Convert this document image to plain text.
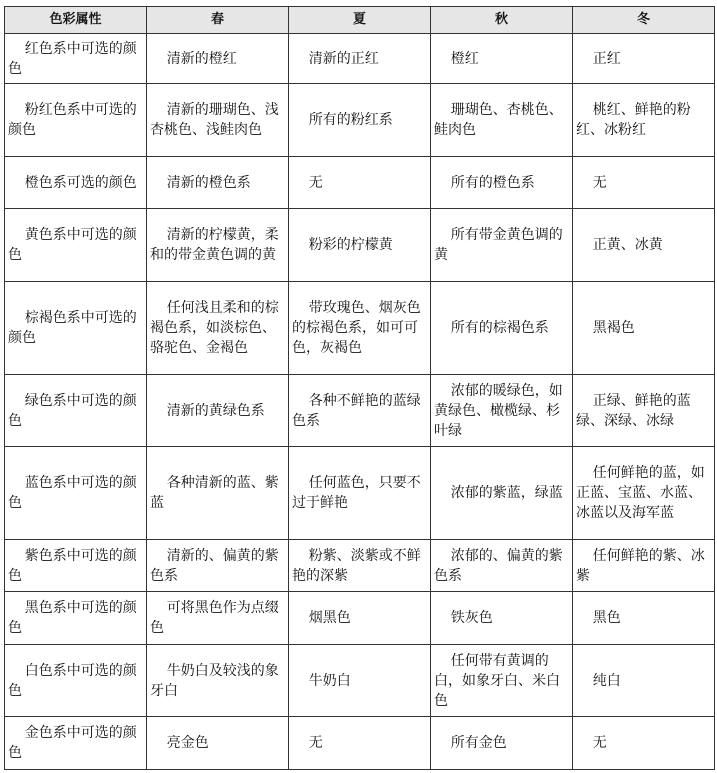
色彩属性	春	夏	秋	冬
红色系中可选的颜色	清新的橙红	清新的正红	橙红	正红
粉红色系中可选的颜色	清新的珊瑚色、浅杏桃色、浅鲑肉色	所有的粉红系	珊瑚色、杏桃色、鲑肉色	桃红、鲜艳的粉红、冰粉红
橙色系可选的颜色	清新的橙色系	无	所有的橙色系	无
黄色系中可选的颜色	清新的柠檬黄，柔和的带金黄色调的黄	粉彩的柠檬黄	所有带金黄色调的黄	正黄、冰黄
棕褐色系中可选的颜色	任何浅且柔和的棕褐色系，如淡棕色、骆驼色、金褐色	带玫瑰色、烟灰色的棕褐色系，如可可色，灰褐色	所有的棕褐色系	黑褐色
绿色系中可选的颜色	清新的黄绿色系	各种不鲜艳的蓝绿色系	浓郁的暖绿色，如黄绿色、橄榄绿、杉叶绿	正绿、鲜艳的蓝绿、深绿、冰绿
蓝色系中可选的颜色	各种清新的蓝、紫蓝	任何蓝色，只要不过于鲜艳	浓郁的紫蓝，绿蓝	任何鲜艳的蓝，如正蓝、宝蓝、水蓝、冰蓝以及海军蓝
紫色系中可选的颜色	清新的、偏黄的紫色系	粉紫、淡紫或不鲜艳的深紫	浓郁的、偏黄的紫色系	任何鲜艳的紫、冰紫
黑色系中可选的颜色	可将黑色作为点缀色	烟黑色	铁灰色	黑色
白色系中可选的颜色	牛奶白及较浅的象牙白	牛奶白	任何带有黄调的白，如象牙白、米白色	纯白
金色系中可选的颜色	亮金色	无	所有金色	无
